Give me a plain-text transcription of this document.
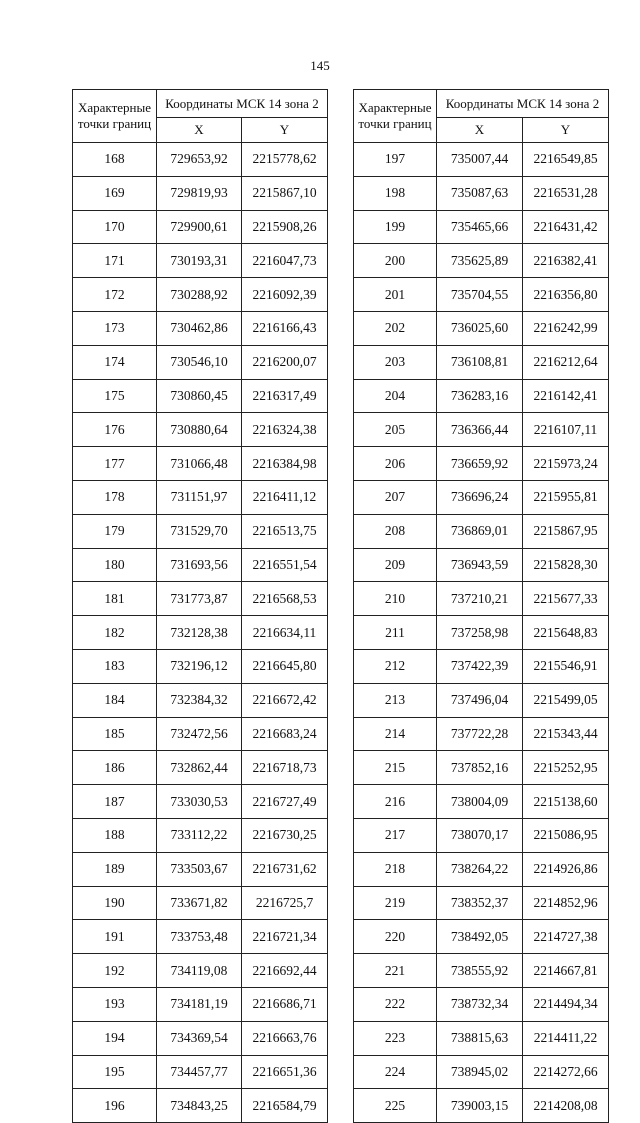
145
Характерные точки границ	Координаты МСК 14 зона 2	
	X	Y
168	729653,92	2215778,62
169	729819,93	2215867,10
170	729900,61	2215908,26
171	730193,31	2216047,73
172	730288,92	2216092,39
173	730462,86	2216166,43
174	730546,10	2216200,07
175	730860,45	2216317,49
176	730880,64	2216324,38
177	731066,48	2216384,98
178	731151,97	2216411,12
179	731529,70	2216513,75
180	731693,56	2216551,54
181	731773,87	2216568,53
182	732128,38	2216634,11
183	732196,12	2216645,80
184	732384,32	2216672,42
185	732472,56	2216683,24
186	732862,44	2216718,73
187	733030,53	2216727,49
188	733112,22	2216730,25
189	733503,67	2216731,62
190	733671,82	2216725,7
191	733753,48	2216721,34
192	734119,08	2216692,44
193	734181,19	2216686,71
194	734369,54	2216663,76
195	734457,77	2216651,36
196	734843,25	2216584,79
Характерные точки границ	Координаты МСК 14 зона 2	
	X	Y
197	735007,44	2216549,85
198	735087,63	2216531,28
199	735465,66	2216431,42
200	735625,89	2216382,41
201	735704,55	2216356,80
202	736025,60	2216242,99
203	736108,81	2216212,64
204	736283,16	2216142,41
205	736366,44	2216107,11
206	736659,92	2215973,24
207	736696,24	2215955,81
208	736869,01	2215867,95
209	736943,59	2215828,30
210	737210,21	2215677,33
211	737258,98	2215648,83
212	737422,39	2215546,91
213	737496,04	2215499,05
214	737722,28	2215343,44
215	737852,16	2215252,95
216	738004,09	2215138,60
217	738070,17	2215086,95
218	738264,22	2214926,86
219	738352,37	2214852,96
220	738492,05	2214727,38
221	738555,92	2214667,81
222	738732,34	2214494,34
223	738815,63	2214411,22
224	738945,02	2214272,66
225	739003,15	2214208,08
